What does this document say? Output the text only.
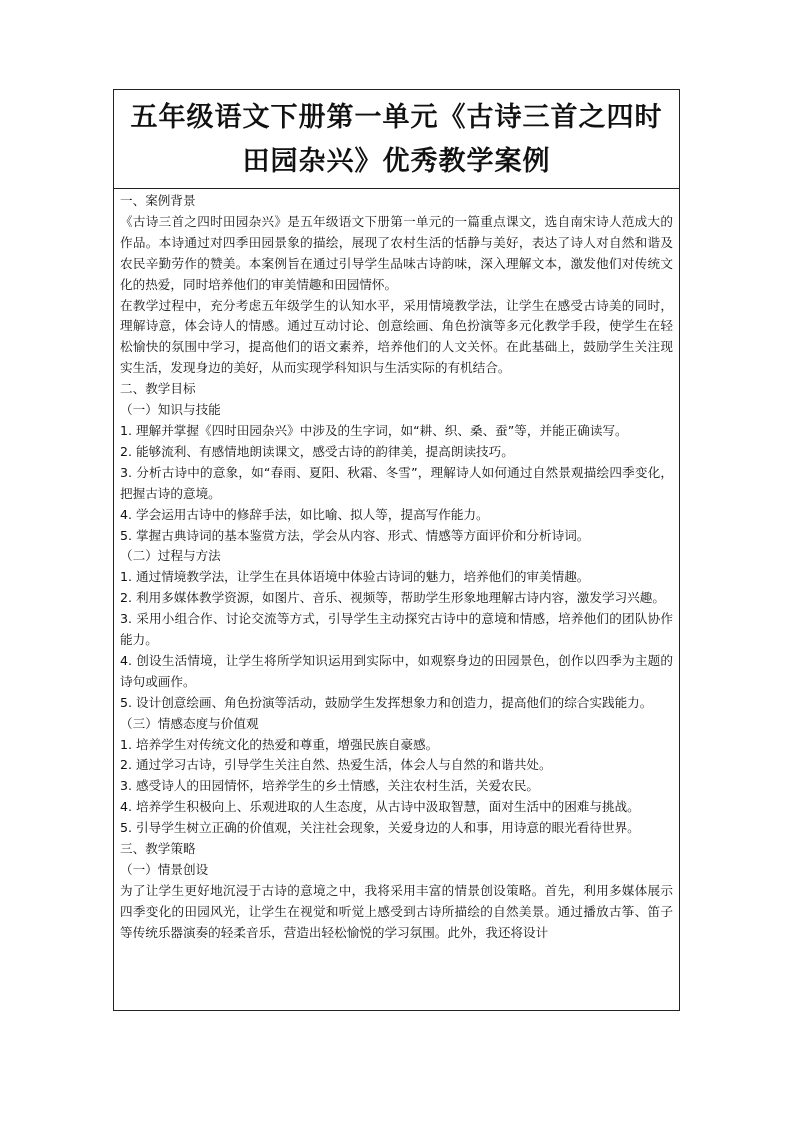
五年级语文下册第一单元《古诗三首之四时田园杂兴》优秀教学案例

一、案例背景

《古诗三首之四时田园杂兴》是五年级语文下册第一单元的一篇重点课文，选自南宋诗人范成大的作品。本诗通过对四季田园景象的描绘，展现了农村生活的恬静与美好，表达了诗人对自然和谐及农民辛勤劳作的赞美。本案例旨在通过引导学生品味古诗韵味，深入理解文本，激发他们对传统文化的热爱，同时培养他们的审美情趣和田园情怀。

在教学过程中，充分考虑五年级学生的认知水平，采用情境教学法，让学生在感受古诗美的同时，理解诗意，体会诗人的情感。通过互动讨论、创意绘画、角色扮演等多元化教学手段，使学生在轻松愉快的氛围中学习，提高他们的语文素养，培养他们的人文关怀。在此基础上，鼓励学生关注现实生活，发现身边的美好，从而实现学科知识与生活实际的有机结合。

二、教学目标

（一）知识与技能

1. 理解并掌握《四时田园杂兴》中涉及的生字词，如“耕、织、桑、蚕”等，并能正确读写。

2. 能够流利、有感情地朗读课文，感受古诗的韵律美，提高朗读技巧。

3. 分析古诗中的意象，如“春雨、夏阳、秋霜、冬雪”，理解诗人如何通过自然景观描绘四季变化，把握古诗的意境。

4. 学会运用古诗中的修辞手法，如比喻、拟人等，提高写作能力。

5. 掌握古典诗词的基本鉴赏方法，学会从内容、形式、情感等方面评价和分析诗词。

（二）过程与方法

1. 通过情境教学法，让学生在具体语境中体验古诗词的魅力，培养他们的审美情趣。

2. 利用多媒体教学资源，如图片、音乐、视频等，帮助学生形象地理解古诗内容，激发学习兴趣。

3. 采用小组合作、讨论交流等方式，引导学生主动探究古诗中的意境和情感，培养他们的团队协作能力。

4. 创设生活情境，让学生将所学知识运用到实际中，如观察身边的田园景色，创作以四季为主题的诗句或画作。

5. 设计创意绘画、角色扮演等活动，鼓励学生发挥想象力和创造力，提高他们的综合实践能力。

（三）情感态度与价值观

1. 培养学生对传统文化的热爱和尊重，增强民族自豪感。

2. 通过学习古诗，引导学生关注自然、热爱生活，体会人与自然的和谐共处。

3. 感受诗人的田园情怀，培养学生的乡土情感，关注农村生活，关爱农民。

4. 培养学生积极向上、乐观进取的人生态度，从古诗中汲取智慧，面对生活中的困难与挑战。

5. 引导学生树立正确的价值观，关注社会现象，关爱身边的人和事，用诗意的眼光看待世界。

三、教学策略

（一）情景创设

为了让学生更好地沉浸于古诗的意境之中，我将采用丰富的情景创设策略。首先，利用多媒体展示四季变化的田园风光，让学生在视觉和听觉上感受到古诗所描绘的自然美景。通过播放古筝、笛子等传统乐器演奏的轻柔音乐，营造出轻松愉悦的学习氛围。此外，我还将设计
